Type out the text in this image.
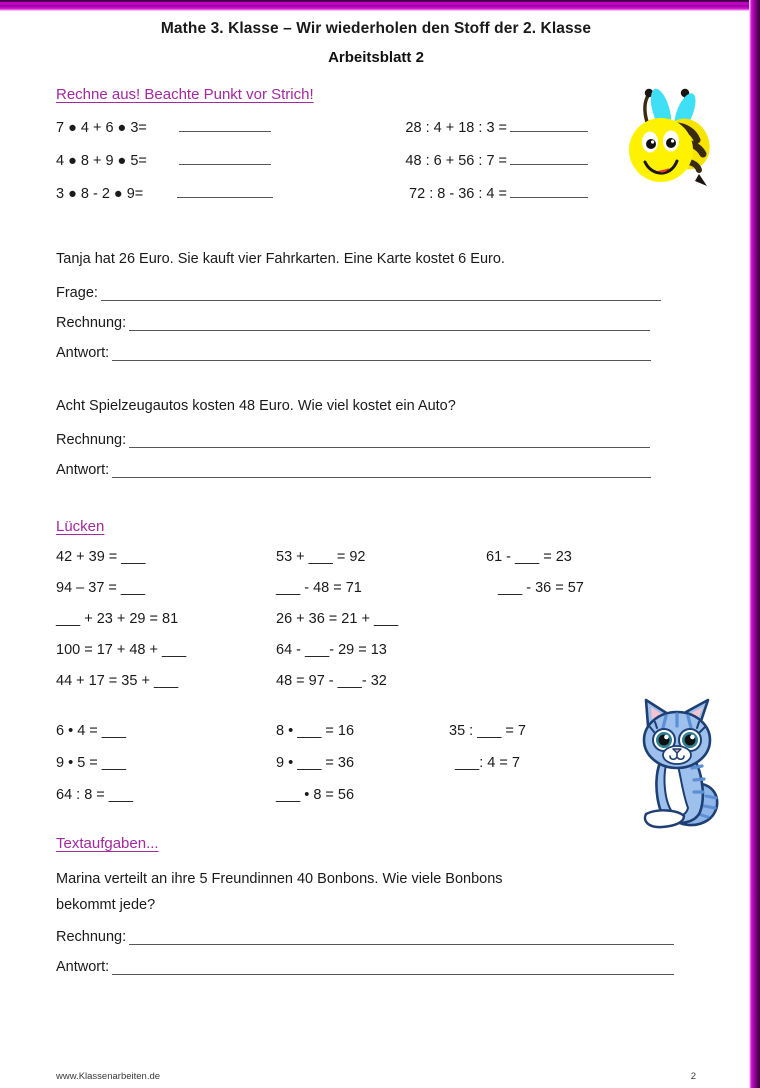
Mathe 3. Klasse – Wir wiederholen den Stoff der 2. Klasse
Arbeitsblatt 2
Rechne aus! Beachte Punkt vor Strich!
7 ● 4 + 6 ● 3=	28 : 4 + 18 : 3 =
4 ● 8 + 9 ● 5=	48 : 6 + 56 : 7 =
3 ● 8 - 2 ● 9=	72 : 8 - 36 : 4 =
Tanja hat 26 Euro. Sie kauft vier Fahrkarten. Eine Karte kostet 6 Euro.
Frage:
Rechnung:
Antwort:
Acht Spielzeugautos kosten 48 Euro. Wie viel kostet ein Auto?
Rechnung:
Antwort:
Lücken
42 + 39 = ___	53 + ___ = 92	61 - ___ = 23
94 – 37 = ___	___ - 48 = 71	___ - 36 = 57
___ + 23 + 29 = 81	26 + 36 = 21 + ___
100 = 17 + 48 + ___	64 - ___- 29 = 13
44 + 17 = 35 + ___	48 = 97 - ___- 32
6 • 4 = ___	8 • ___ = 16	35 : ___ = 7
9 • 5 = ___	9 • ___ = 36	___: 4 = 7
64 : 8 = ___	___ • 8 = 56
Textaufgaben...
Marina verteilt an ihre 5 Freundinnen 40 Bonbons. Wie viele Bonbons
bekommt jede?
Rechnung:
Antwort:
www.Klassenarbeiten.de	2
